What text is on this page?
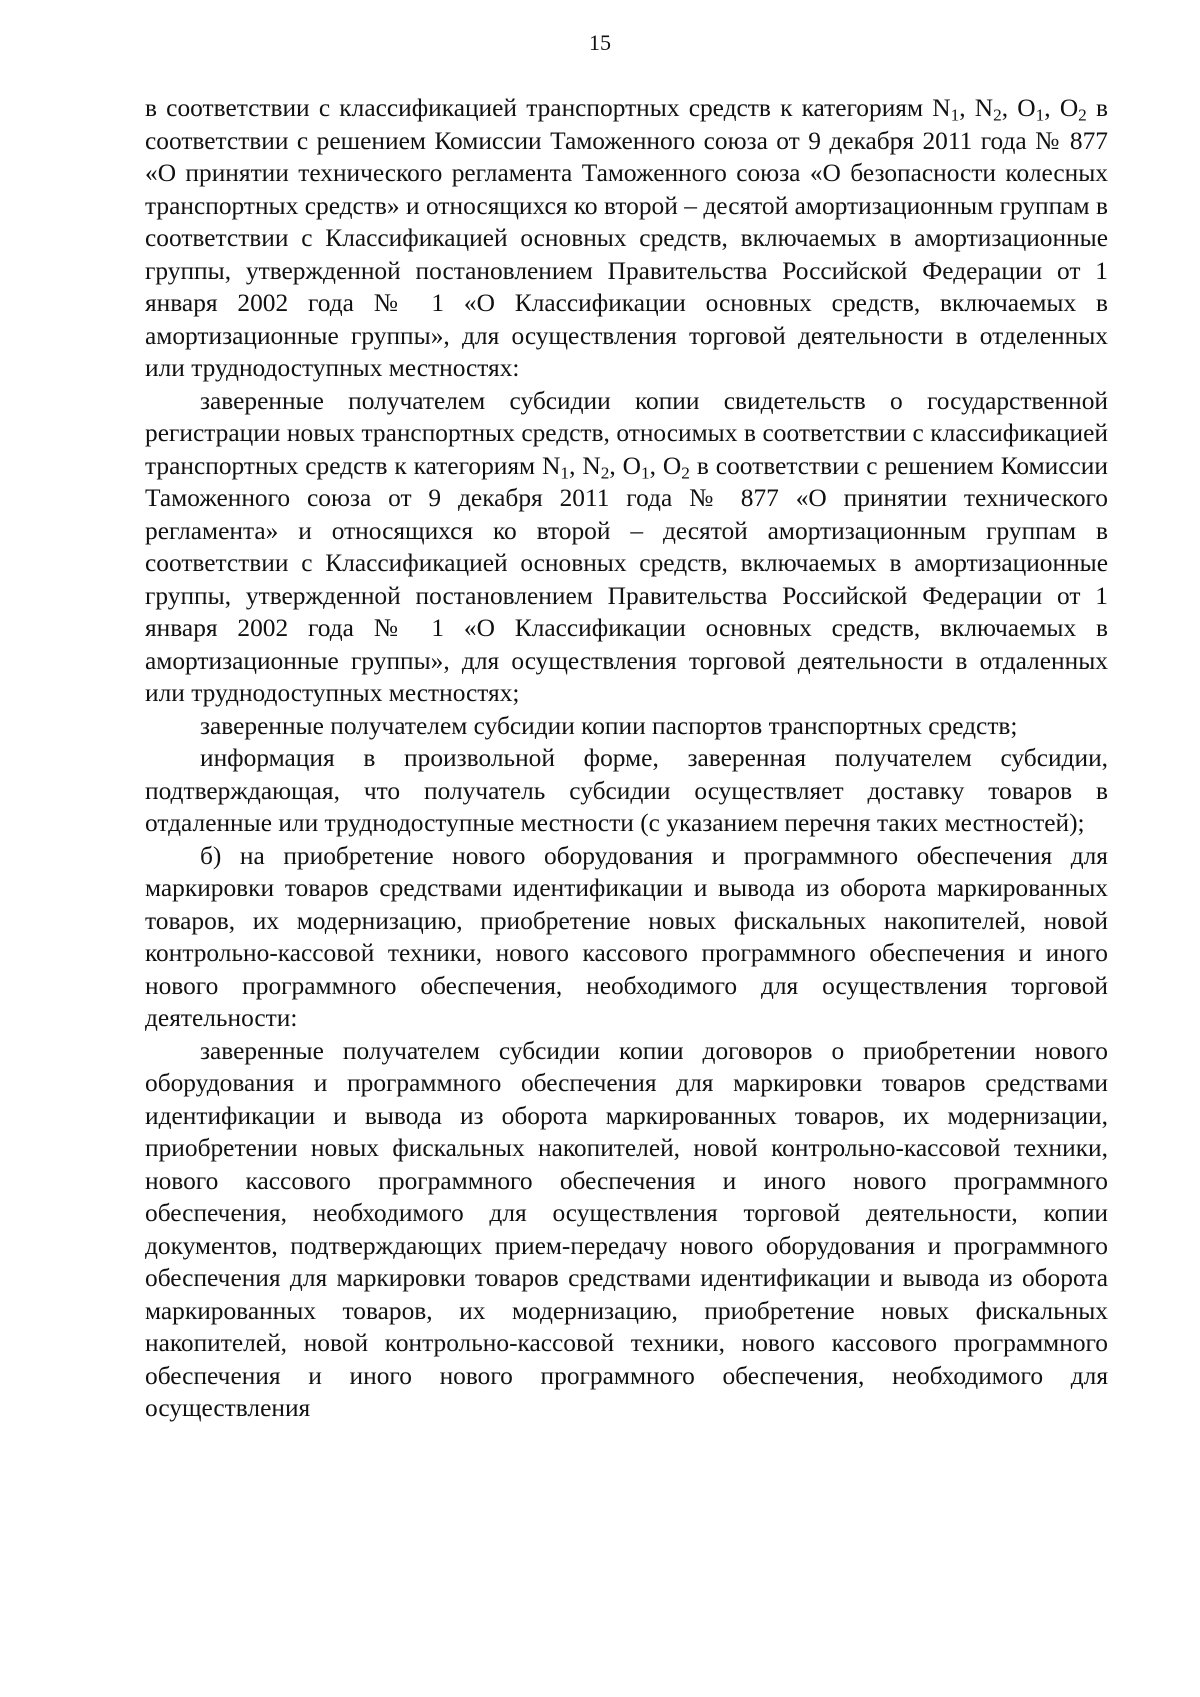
15

в соответствии с классификацией транспортных средств к категориям $N_1$, $N_2$, $O_1$, $O_2$ в соответствии с решением Комиссии Таможенного союза от 9 декабря 2011 года № 877 «О принятии технического регламента Таможенного союза «О безопасности колесных транспортных средств» и относящихся ко второй – десятой амортизационным группам в соответствии с Классификацией основных средств, включаемых в амортизационные группы, утвержденной постановлением Правительства Российской Федерации от 1 января 2002 года № 1 «О Классификации основных средств, включаемых в амортизационные группы», для осуществления торговой деятельности в отделенных или труднодоступных местностях:

заверенные получателем субсидии копии свидетельств о государственной регистрации новых транспортных средств, относимых в соответствии с классификацией транспортных средств к категориям $N_1$, $N_2$, $O_1$, $O_2$ в соответствии с решением Комиссии Таможенного союза от 9 декабря 2011 года № 877 «О принятии технического регламента» и относящихся ко второй – десятой амортизационным группам в соответствии с Классификацией основных средств, включаемых в амортизационные группы, утвержденной постановлением Правительства Российской Федерации от 1 января 2002 года № 1 «О Классификации основных средств, включаемых в амортизационные группы», для осуществления торговой деятельности в отдаленных или труднодоступных местностях;

заверенные получателем субсидии копии паспортов транспортных средств;

информация в произвольной форме, заверенная получателем субсидии, подтверждающая, что получатель субсидии осуществляет доставку товаров в отдаленные или труднодоступные местности (с указанием перечня таких местностей);

б) на приобретение нового оборудования и программного обеспечения для маркировки товаров средствами идентификации и вывода из оборота маркированных товаров, их модернизацию, приобретение новых фискальных накопителей, новой контрольно-кассовой техники, нового кассового программного обеспечения и иного нового программного обеспечения, необходимого для осуществления торговой деятельности:

заверенные получателем субсидии копии договоров о приобретении нового оборудования и программного обеспечения для маркировки товаров средствами идентификации и вывода из оборота маркированных товаров, их модернизации, приобретении новых фискальных накопителей, новой контрольно-кассовой техники, нового кассового программного обеспечения и иного нового программного обеспечения, необходимого для осуществления торговой деятельности, копии документов, подтверждающих прием-передачу нового оборудования и программного обеспечения для маркировки товаров средствами идентификации и вывода из оборота маркированных товаров, их модернизацию, приобретение новых фискальных накопителей, новой контрольно-кассовой техники, нового кассового программного обеспечения и иного нового программного обеспечения, необходимого для осуществления
